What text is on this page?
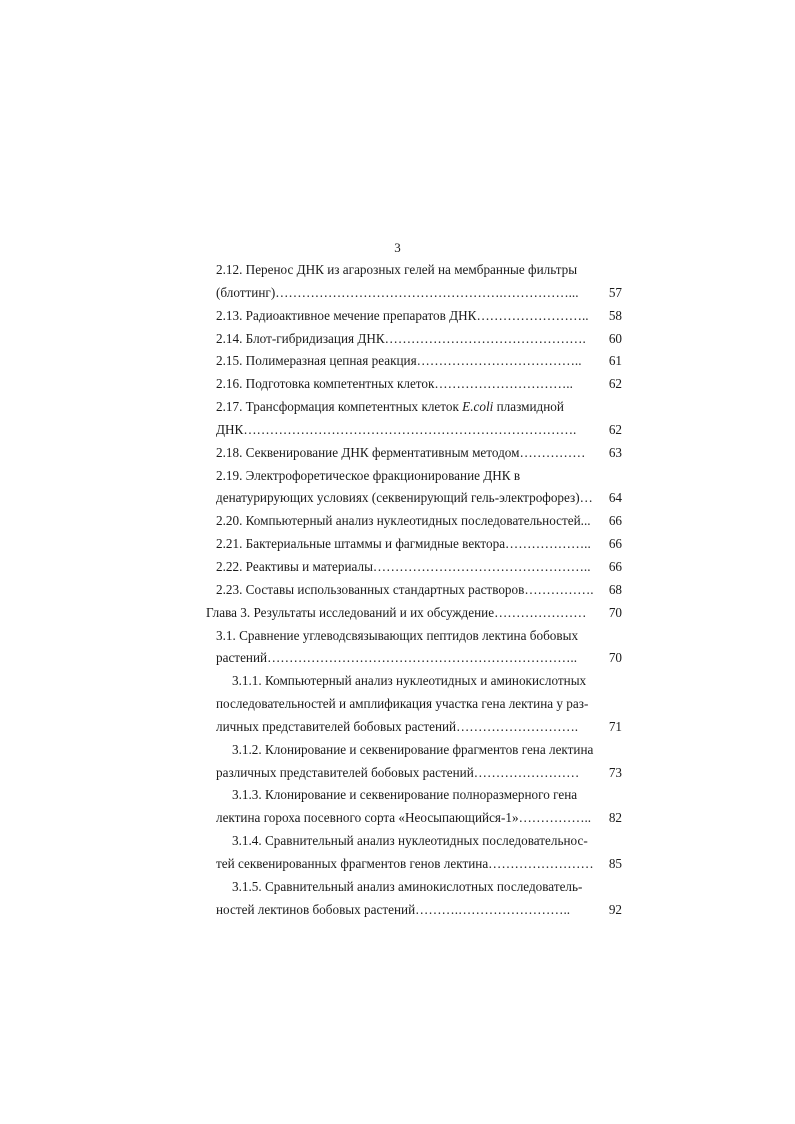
3
2.12. Перенос ДНК из агарозных гелей на мембранные фильтры
(блоттинг)…………………………………………….……………...	57
2.13. Радиоактивное мечение препаратов ДНК……………………..	58
2.14. Блот-гибридизация ДНК……………………………………….	60
2.15. Полимеразная цепная реакция………………………………..	61
2.16. Подготовка компетентных клеток…………………………..	62
2.17. Трансформация компетентных клеток E.coli плазмидной
ДНК………………………………………………………………….	62
2.18. Секвенирование ДНК ферментативным методом……………	63
2.19. Электрофоретическое фракционирование ДНК в
денатурирующих условиях (секвенирующий гель-электрофорез)…	64
2.20. Компьютерный анализ нуклеотидных последовательностей...	66
2.21. Бактериальные штаммы и фагмидные вектора………………..	66
2.22. Реактивы и материалы…………………………………………..	66
2.23. Составы использованных стандартных растворов…………….	68
Глава 3. Результаты исследований и их обсуждение…………………	70
3.1. Сравнение углеводсвязывающих пептидов лектина бобовых
растений……………………………………………………………..	70
3.1.1. Компьютерный анализ нуклеотидных и аминокислотных
последовательностей и амплификация участка гена лектина у раз-
личных представителей бобовых растений……………………….	71
3.1.2. Клонирование и секвенирование фрагментов гена лектина
различных представителей бобовых растений……………………	73
3.1.3. Клонирование и секвенирование полноразмерного гена
лектина гороха посевного сорта «Неосыпающийся-1»……………..	82
3.1.4. Сравнительный анализ нуклеотидных последовательнос-
тей секвенированных фрагментов генов лектина……………………	85
3.1.5. Сравнительный анализ аминокислотных последователь-
ностей лектинов бобовых растений……….……………………..	92
